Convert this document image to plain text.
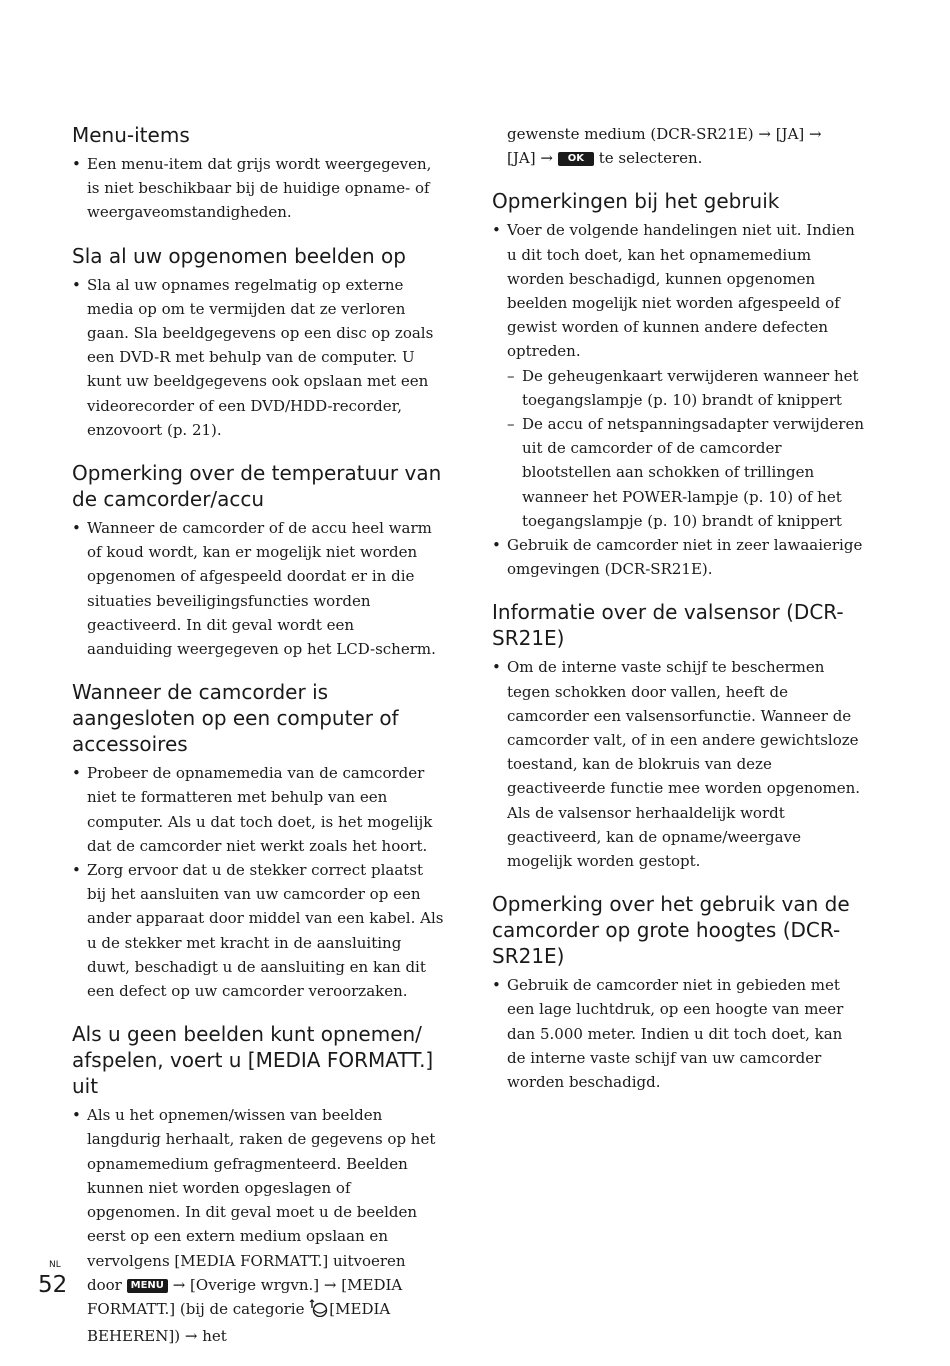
Menu-items
• Een menu-item dat grijs wordt weergegeven, is niet beschikbaar bij de huidige opname- of weergaveomstandigheden.
Sla al uw opgenomen beelden op
• Sla al uw opnames regelmatig op externe media op om te vermijden dat ze verloren gaan. Sla beeldgegevens op een disc op zoals een DVD-R met behulp van de computer. U kunt uw beeldgegevens ook opslaan met een videorecorder of een DVD/HDD-recorder, enzovoort (p. 21).
Opmerking over de temperatuur van de camcorder/accu
• Wanneer de camcorder of de accu heel warm of koud wordt, kan er mogelijk niet worden opgenomen of afgespeeld doordat er in die situaties beveiligingsfuncties worden geactiveerd. In dit geval wordt een aanduiding weergegeven op het LCD-scherm.
Wanneer de camcorder is aangesloten op een computer of accessoires
• Probeer de opnamemedia van de camcorder niet te formatteren met behulp van een computer. Als u dat toch doet, is het mogelijk dat de camcorder niet werkt zoals het hoort.
• Zorg ervoor dat u de stekker correct plaatst bij het aansluiten van uw camcorder op een ander apparaat door middel van een kabel. Als u de stekker met kracht in de aansluiting duwt, beschadigt u de aansluiting en kan dit een defect op uw camcorder veroorzaken.
Als u geen beelden kunt opnemen/ afspelen, voert u [MEDIA FORMATT.] uit
• Als u het opnemen/wissen van beelden langdurig herhaalt, raken de gegevens op het opnamemedium gefragmenteerd. Beelden kunnen niet worden opgeslagen of opgenomen. In dit geval moet u de beelden eerst op een extern medium opslaan en vervolgens [MEDIA FORMATT.] uitvoeren door MENU → [Overige wrgvn.] → [MEDIA FORMATT.] (bij de categorie [MEDIA BEHEREN]) → het
gewenste medium (DCR-SR21E) → [JA] →
[JA] → OK te selecteren.
Opmerkingen bij het gebruik
• Voer de volgende handelingen niet uit. Indien u dit toch doet, kan het opnamemedium worden beschadigd, kunnen opgenomen beelden mogelijk niet worden afgespeeld of gewist worden of kunnen andere defecten optreden.
– De geheugenkaart verwijderen wanneer het toegangslampje (p. 10) brandt of knippert
– De accu of netspanningsadapter verwijderen uit de camcorder of de camcorder blootstellen aan schokken of trillingen wanneer het POWER-lampje (p. 10) of het toegangslampje (p. 10) brandt of knippert
• Gebruik de camcorder niet in zeer lawaaierige omgevingen (DCR-SR21E).
Informatie over de valsensor (DCR-SR21E)
• Om de interne vaste schijf te beschermen tegen schokken door vallen, heeft de camcorder een valsensorfunctie. Wanneer de camcorder valt, of in een andere gewichtsloze toestand, kan de blokruis van deze geactiveerde functie mee worden opgenomen. Als de valsensor herhaaldelijk wordt geactiveerd, kan de opname/weergave mogelijk worden gestopt.
Opmerking over het gebruik van de camcorder op grote hoogtes (DCR-SR21E)
• Gebruik de camcorder niet in gebieden met een lage luchtdruk, op een hoogte van meer dan 5.000 meter. Indien u dit toch doet, kan de interne vaste schijf van uw camcorder worden beschadigd.
NL
52
